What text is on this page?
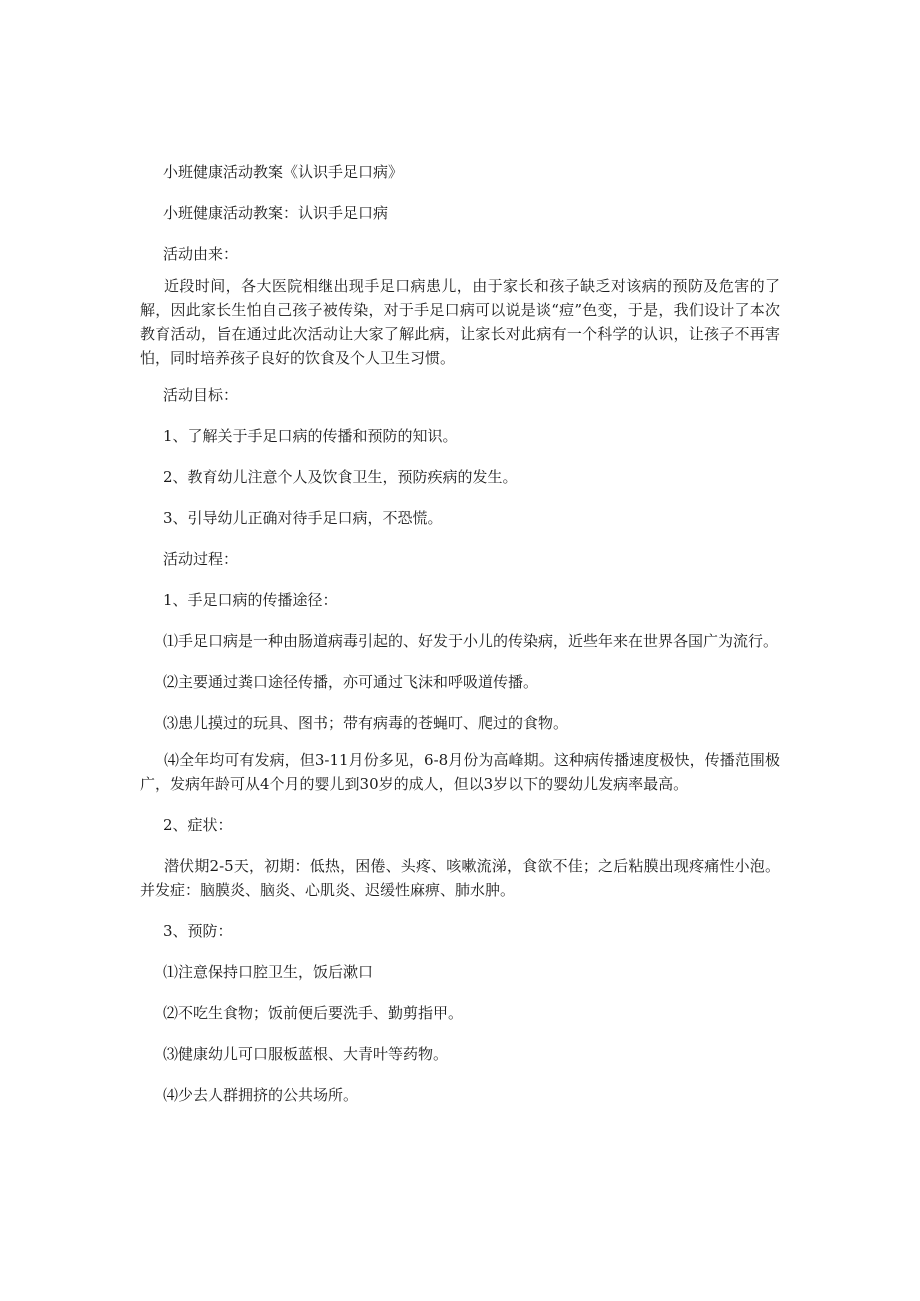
小班健康活动教案《认识手足口病》

小班健康活动教案：认识手足口病

活动由来：

近段时间，各大医院相继出现手足口病患儿，由于家长和孩子缺乏对该病的预防及危害的了解，因此家长生怕自己孩子被传染，对于手足口病可以说是谈“痘”色变，于是，我们设计了本次教育活动，旨在通过此次活动让大家了解此病，让家长对此病有一个科学的认识，让孩子不再害怕，同时培养孩子良好的饮食及个人卫生习惯。

活动目标：

1、了解关于手足口病的传播和预防的知识。

2、教育幼儿注意个人及饮食卫生，预防疾病的发生。

3、引导幼儿正确对待手足口病，不恐慌。

活动过程：

1、手足口病的传播途径：

⑴手足口病是一种由肠道病毒引起的、好发于小儿的传染病，近些年来在世界各国广为流行。

⑵主要通过粪口途径传播，亦可通过飞沫和呼吸道传播。

⑶患儿摸过的玩具、图书；带有病毒的苍蝇叮、爬过的食物。

⑷全年均可有发病，但3-11月份多见，6-8月份为高峰期。这种病传播速度极快，传播范围极广，发病年龄可从4个月的婴儿到30岁的成人，但以3岁以下的婴幼儿发病率最高。

2、症状：

潜伏期2-5天，初期：低热，困倦、头疼、咳嗽流涕，食欲不佳；之后粘膜出现疼痛性小泡。并发症：脑膜炎、脑炎、心肌炎、迟缓性麻痹、肺水肿。

3、预防：

⑴注意保持口腔卫生，饭后漱口

⑵不吃生食物；饭前便后要洗手、勤剪指甲。

⑶健康幼儿可口服板蓝根、大青叶等药物。

⑷少去人群拥挤的公共场所。
